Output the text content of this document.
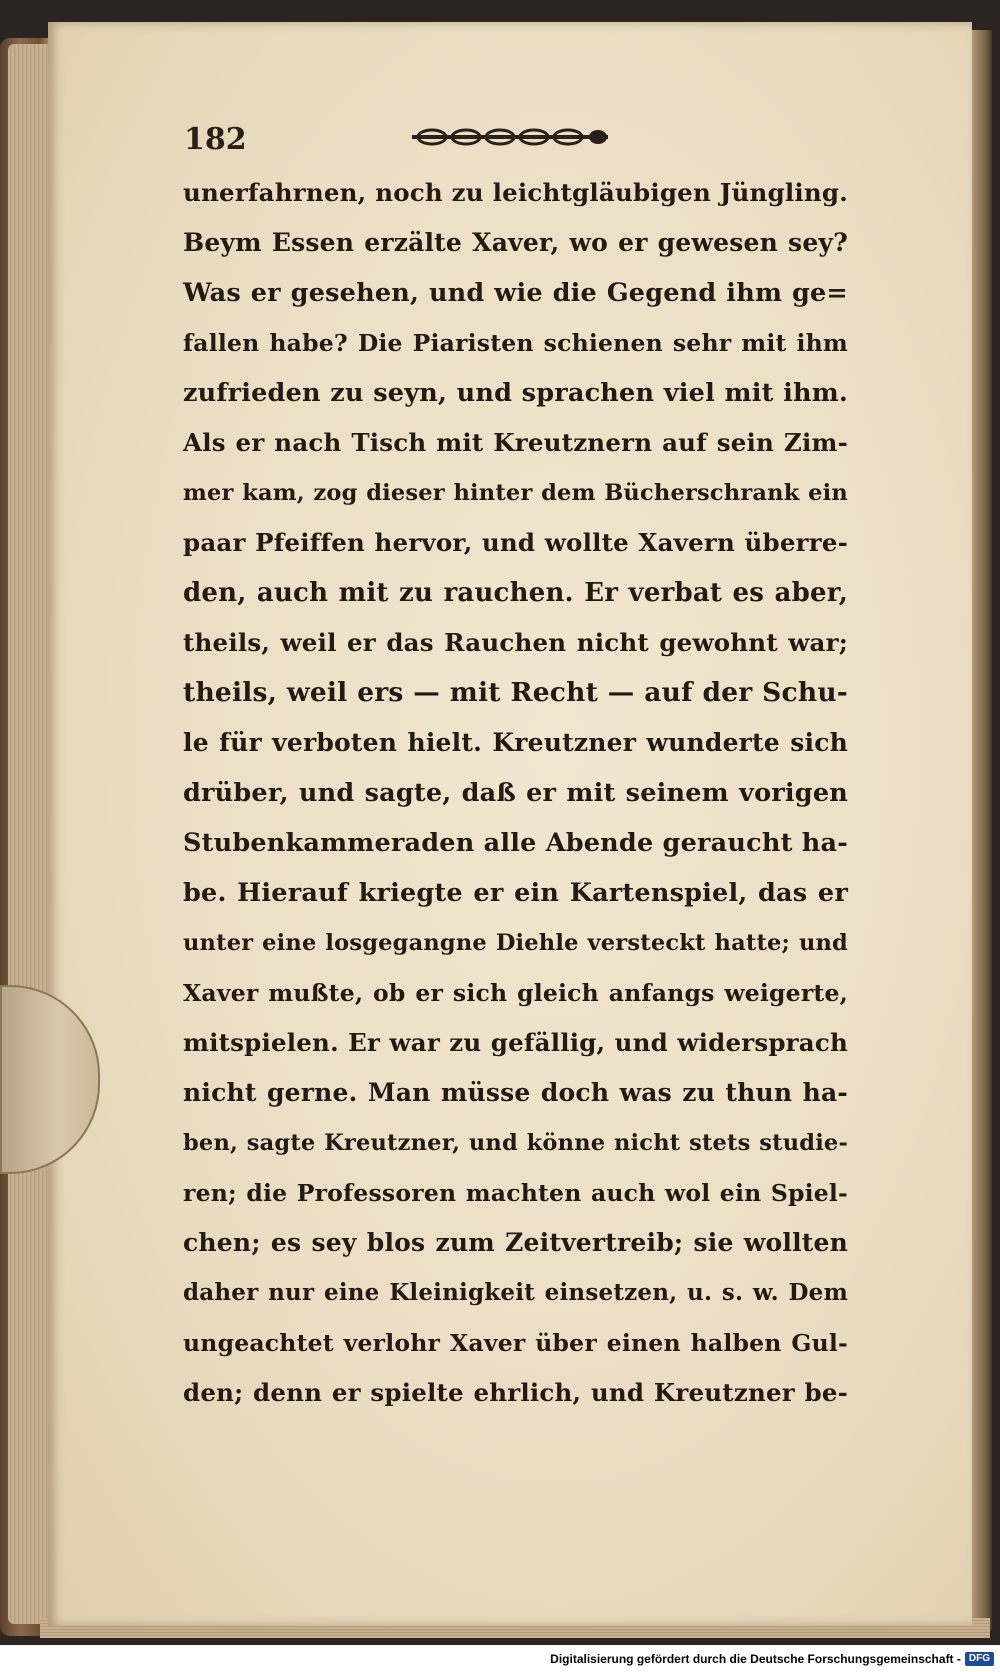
182
unerfahrnen, noch zu leichtgläubigen Jüngling.
Beym Essen erzälte Xaver, wo er gewesen sey?
Was er gesehen, und wie die Gegend ihm ge=
fallen habe? Die Piaristen schienen sehr mit ihm
zufrieden zu seyn, und sprachen viel mit ihm.
Als er nach Tisch mit Kreutznern auf sein Zim-
mer kam, zog dieser hinter dem Bücherschrank ein
paar Pfeiffen hervor, und wollte Xavern überre-
den, auch mit zu rauchen. Er verbat es aber,
theils, weil er das Rauchen nicht gewohnt war;
theils, weil ers — mit Recht — auf der Schu-
le für verboten hielt. Kreutzner wunderte sich
drüber, und sagte, daß er mit seinem vorigen
Stubenkammeraden alle Abende geraucht ha-
be. Hierauf kriegte er ein Kartenspiel, das er
unter eine losgegangne Diehle versteckt hatte; und
Xaver mußte, ob er sich gleich anfangs weigerte,
mitspielen. Er war zu gefällig, und widersprach
nicht gerne. Man müsse doch was zu thun ha-
ben, sagte Kreutzner, und könne nicht stets studie-
ren; die Professoren machten auch wol ein Spiel-
chen; es sey blos zum Zeitvertreib; sie wollten
daher nur eine Kleinigkeit einsetzen, u. s. w. Dem
ungeachtet verlohr Xaver über einen halben Gul-
den; denn er spielte ehrlich, und Kreutzner be-
Digitalisierung gefördert durch die Deutsche Forschungsgemeinschaft - DFG
